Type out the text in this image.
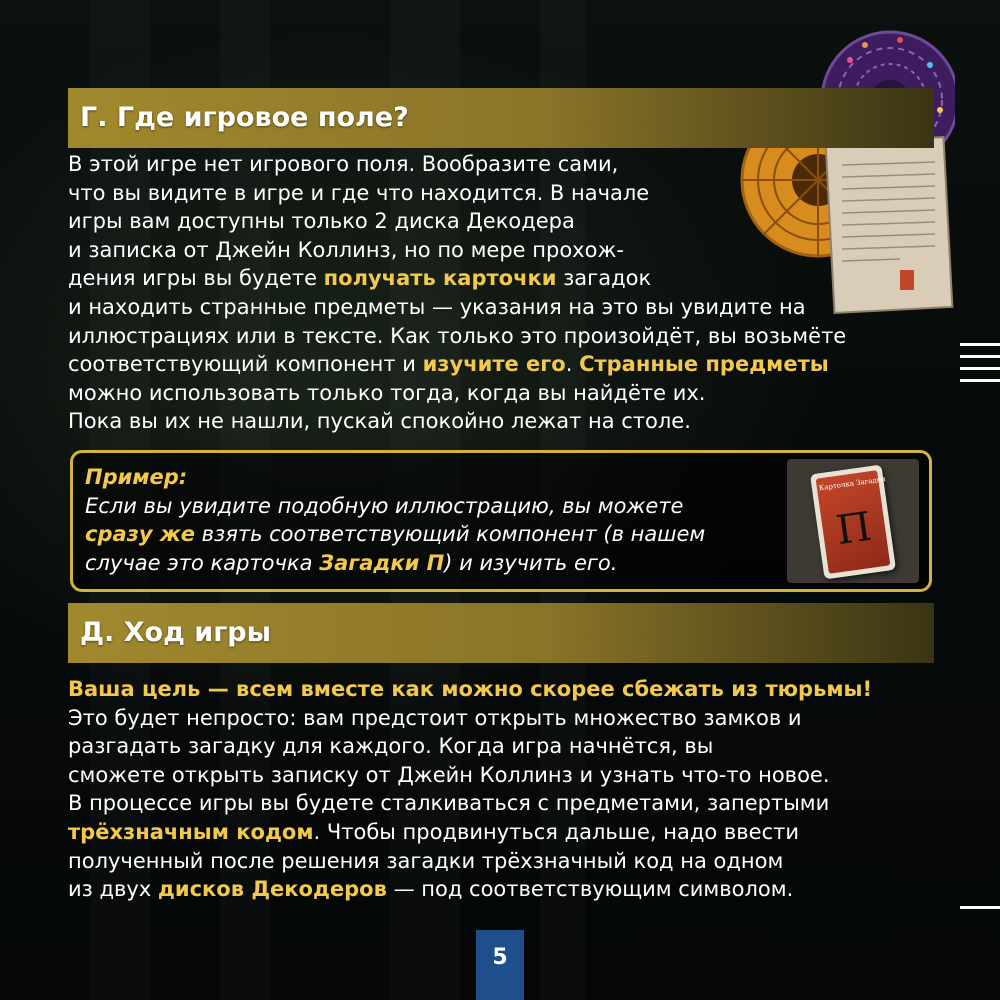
Г. Где игровое поле?

В этой игре нет игрового поля. Вообразите сами,

что вы видите в игре и где что находится. В начале

игры вам доступны только 2 диска Декодера

и записка от Джейн Коллинз, но по мере прохож-

дения игры вы будете получать карточки загадок

и находить странные предметы — указания на это вы увидите на

иллюстрациях или в тексте. Как только это произойдёт, вы возьмёте

соответствующий компонент и изучите его. Странные предметы

можно использовать только тогда, когда вы найдёте их.

Пока вы их не нашли, пускай спокойно лежат на столе.

Пример:

Если вы увидите подобную иллюстрацию, вы можете

сразу же взять соответствующий компонент (в нашем

случае это карточка Загадки П) и изучить его.

Карточка Загадки
П
Д. Ход игры

Ваша цель — всем вместе как можно скорее сбежать из тюрьмы!

Это будет непросто: вам предстоит открыть множество замков и

разгадать загадку для каждого. Когда игра начнётся, вы

сможете открыть записку от Джейн Коллинз и узнать что-то новое.

В процессе игры вы будете сталкиваться с предметами, запертыми

трёхзначным кодом. Чтобы продвинуться дальше, надо ввести

полученный после решения загадки трёхзначный код на одном

из двух дисков Декодеров — под соответствующим символом.

5
